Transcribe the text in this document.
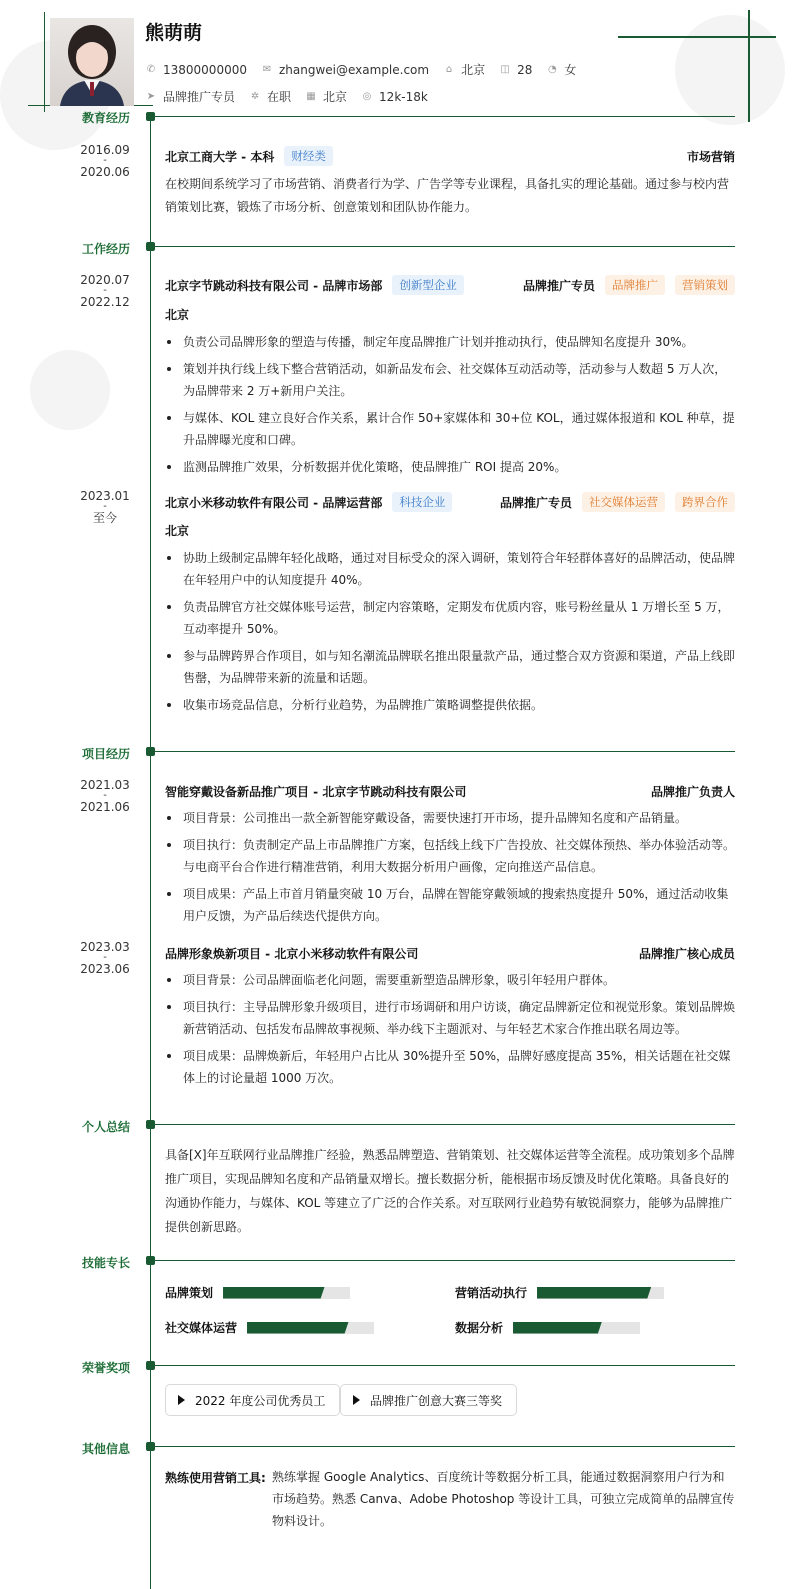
熊萌萌
✆ 13800000000 ✉ zhangwei@example.com ⌂ 北京 ◫ 28 ◔ 女
➤ 品牌推广专员 ✲ 在职 ▦ 北京 ◎ 12k-18k
教育经历
2016.09
-
2020.06
北京工商大学 - 本科	财经类	市场营销
在校期间系统学习了市场营销、消费者行为学、广告学等专业课程，具备扎实的理论基础。通过参与校内营销策划比赛，锻炼了市场分析、创意策划和团队协作能力。
工作经历
2020.07
-
2022.12
北京字节跳动科技有限公司 - 品牌市场部	创新型企业	品牌推广专员	品牌推广	营销策划
北京
负责公司品牌形象的塑造与传播，制定年度品牌推广计划并推动执行，使品牌知名度提升 30%。
策划并执行线上线下整合营销活动，如新品发布会、社交媒体互动活动等，活动参与人数超 5 万人次，为品牌带来 2 万+新用户关注。
与媒体、KOL 建立良好合作关系，累计合作 50+家媒体和 30+位 KOL，通过媒体报道和 KOL 种草，提升品牌曝光度和口碑。
监测品牌推广效果，分析数据并优化策略，使品牌推广 ROI 提高 20%。
2023.01
-
至今
北京小米移动软件有限公司 - 品牌运营部	科技企业	品牌推广专员	社交媒体运营	跨界合作
北京
协助上级制定品牌年轻化战略，通过对目标受众的深入调研，策划符合年轻群体喜好的品牌活动，使品牌在年轻用户中的认知度提升 40%。
负责品牌官方社交媒体账号运营，制定内容策略，定期发布优质内容，账号粉丝量从 1 万增长至 5 万，互动率提升 50%。
参与品牌跨界合作项目，如与知名潮流品牌联名推出限量款产品，通过整合双方资源和渠道，产品上线即售罄，为品牌带来新的流量和话题。
收集市场竞品信息，分析行业趋势，为品牌推广策略调整提供依据。
项目经历
2021.03
-
2021.06
智能穿戴设备新品推广项目 - 北京字节跳动科技有限公司	品牌推广负责人
项目背景：公司推出一款全新智能穿戴设备，需要快速打开市场，提升品牌知名度和产品销量。
项目执行：负责制定产品上市品牌推广方案，包括线上线下广告投放、社交媒体预热、举办体验活动等。与电商平台合作进行精准营销，利用大数据分析用户画像，定向推送产品信息。
项目成果：产品上市首月销量突破 10 万台，品牌在智能穿戴领域的搜索热度提升 50%，通过活动收集用户反馈，为产品后续迭代提供方向。
2023.03
-
2023.06
品牌形象焕新项目 - 北京小米移动软件有限公司	品牌推广核心成员
项目背景：公司品牌面临老化问题，需要重新塑造品牌形象，吸引年轻用户群体。
项目执行：主导品牌形象升级项目，进行市场调研和用户访谈，确定品牌新定位和视觉形象。策划品牌焕新营销活动、包括发布品牌故事视频、举办线下主题派对、与年轻艺术家合作推出联名周边等。
项目成果：品牌焕新后，年轻用户占比从 30%提升至 50%，品牌好感度提高 35%，相关话题在社交媒体上的讨论量超 1000 万次。
个人总结
具备[X]年互联网行业品牌推广经验，熟悉品牌塑造、营销策划、社交媒体运营等全流程。成功策划多个品牌推广项目，实现品牌知名度和产品销量双增长。擅长数据分析，能根据市场反馈及时优化策略。具备良好的沟通协作能力，与媒体、KOL 等建立了广泛的合作关系。对互联网行业趋势有敏锐洞察力，能够为品牌推广提供创新思路。
技能专长
品牌策划	营销活动执行
社交媒体运营	数据分析
荣誉奖项
2022 年度公司优秀员工	品牌推广创意大赛三等奖
其他信息
熟练使用营销工具: 熟练掌握 Google Analytics、百度统计等数据分析工具，能通过数据洞察用户行为和市场趋势。熟悉 Canva、Adobe Photoshop 等设计工具，可独立完成简单的品牌宣传物料设计。
